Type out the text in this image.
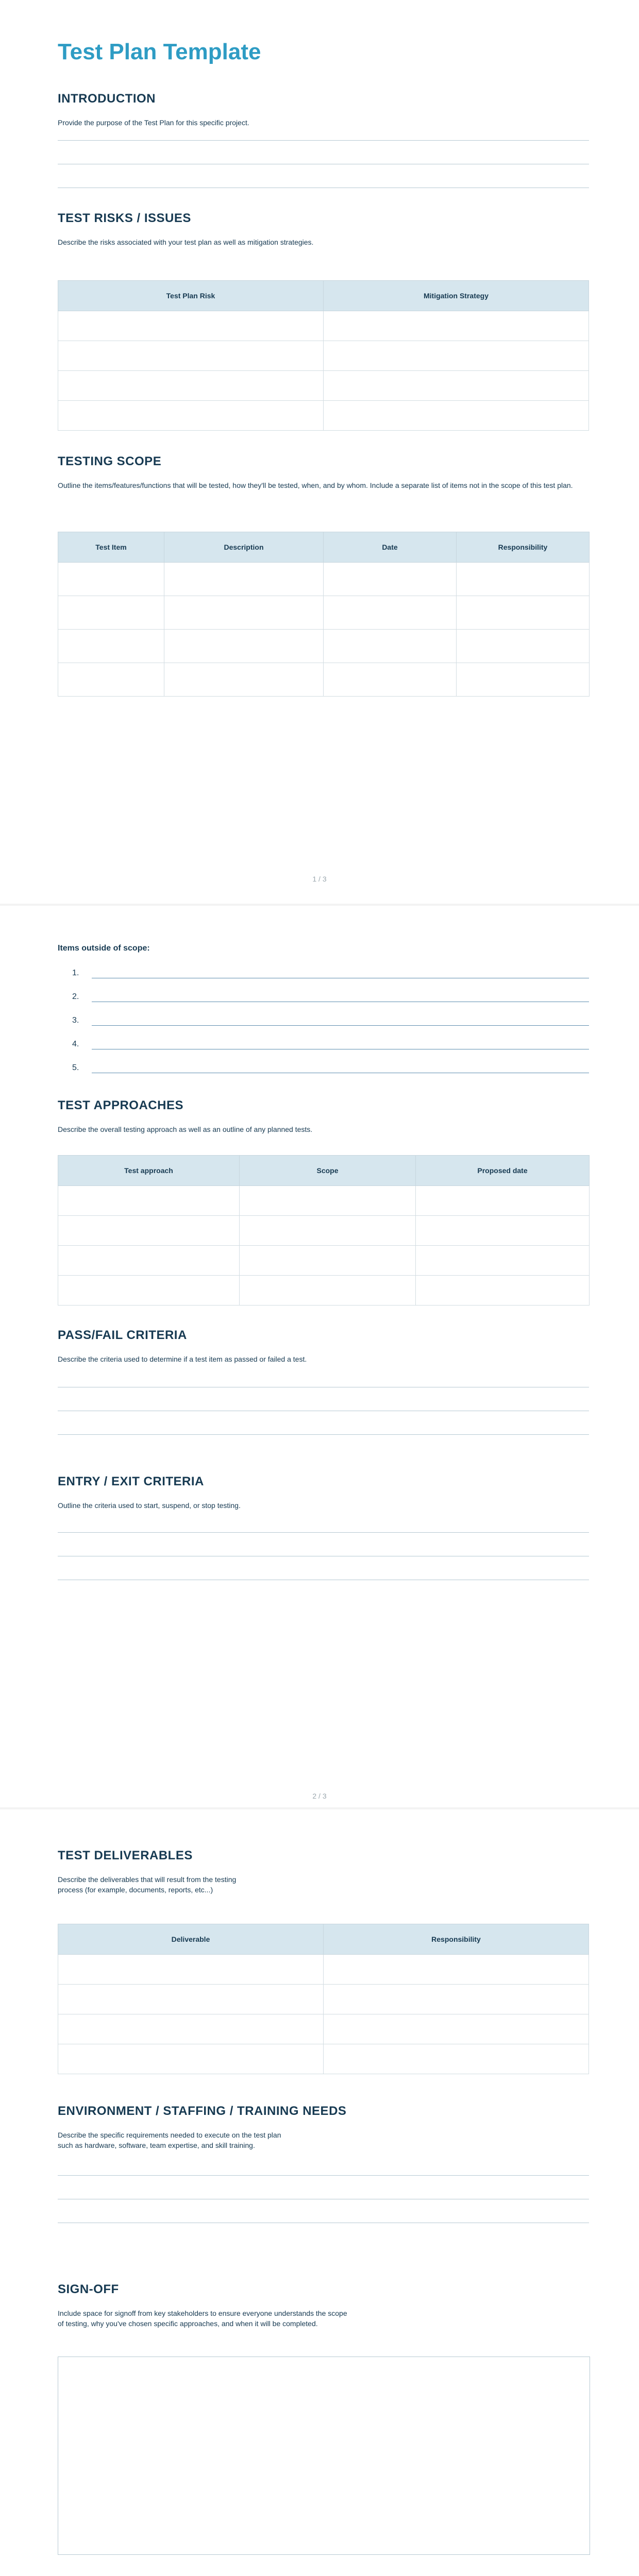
Test Plan Template
INTRODUCTION
Provide the purpose of the Test Plan for this specific project.
TEST RISKS / ISSUES
Describe the risks associated with your test plan as well as mitigation strategies.
Test Plan Risk	Mitigation Strategy

TESTING SCOPE
Outline the items/features/functions that will be tested, how they'll be tested, when, and by whom. Include a separate list of items not in the scope of this test plan.
Test Item	Description	Date	Responsibility

1 / 3
Items outside of scope:
1.
2.
3.
4.
5.
TEST APPROACHES
Describe the overall testing approach as well as an outline of any planned tests.
Test approach	Scope	Proposed date

PASS/FAIL CRITERIA
Describe the criteria used to determine if a test item as passed or failed a test.
ENTRY / EXIT CRITERIA
Outline the criteria used to start, suspend, or stop testing.
2 / 3
TEST DELIVERABLES
Describe the deliverables that will result from the testing
process (for example, documents, reports, etc...)
Deliverable	Responsibility

ENVIRONMENT / STAFFING / TRAINING NEEDS
Describe the specific requirements needed to execute on the test plan
such as hardware, software, team expertise, and skill training.
SIGN-OFF
Include space for signoff from key stakeholders to ensure everyone understands the scope
of testing, why you've chosen specific approaches, and when it will be completed.
